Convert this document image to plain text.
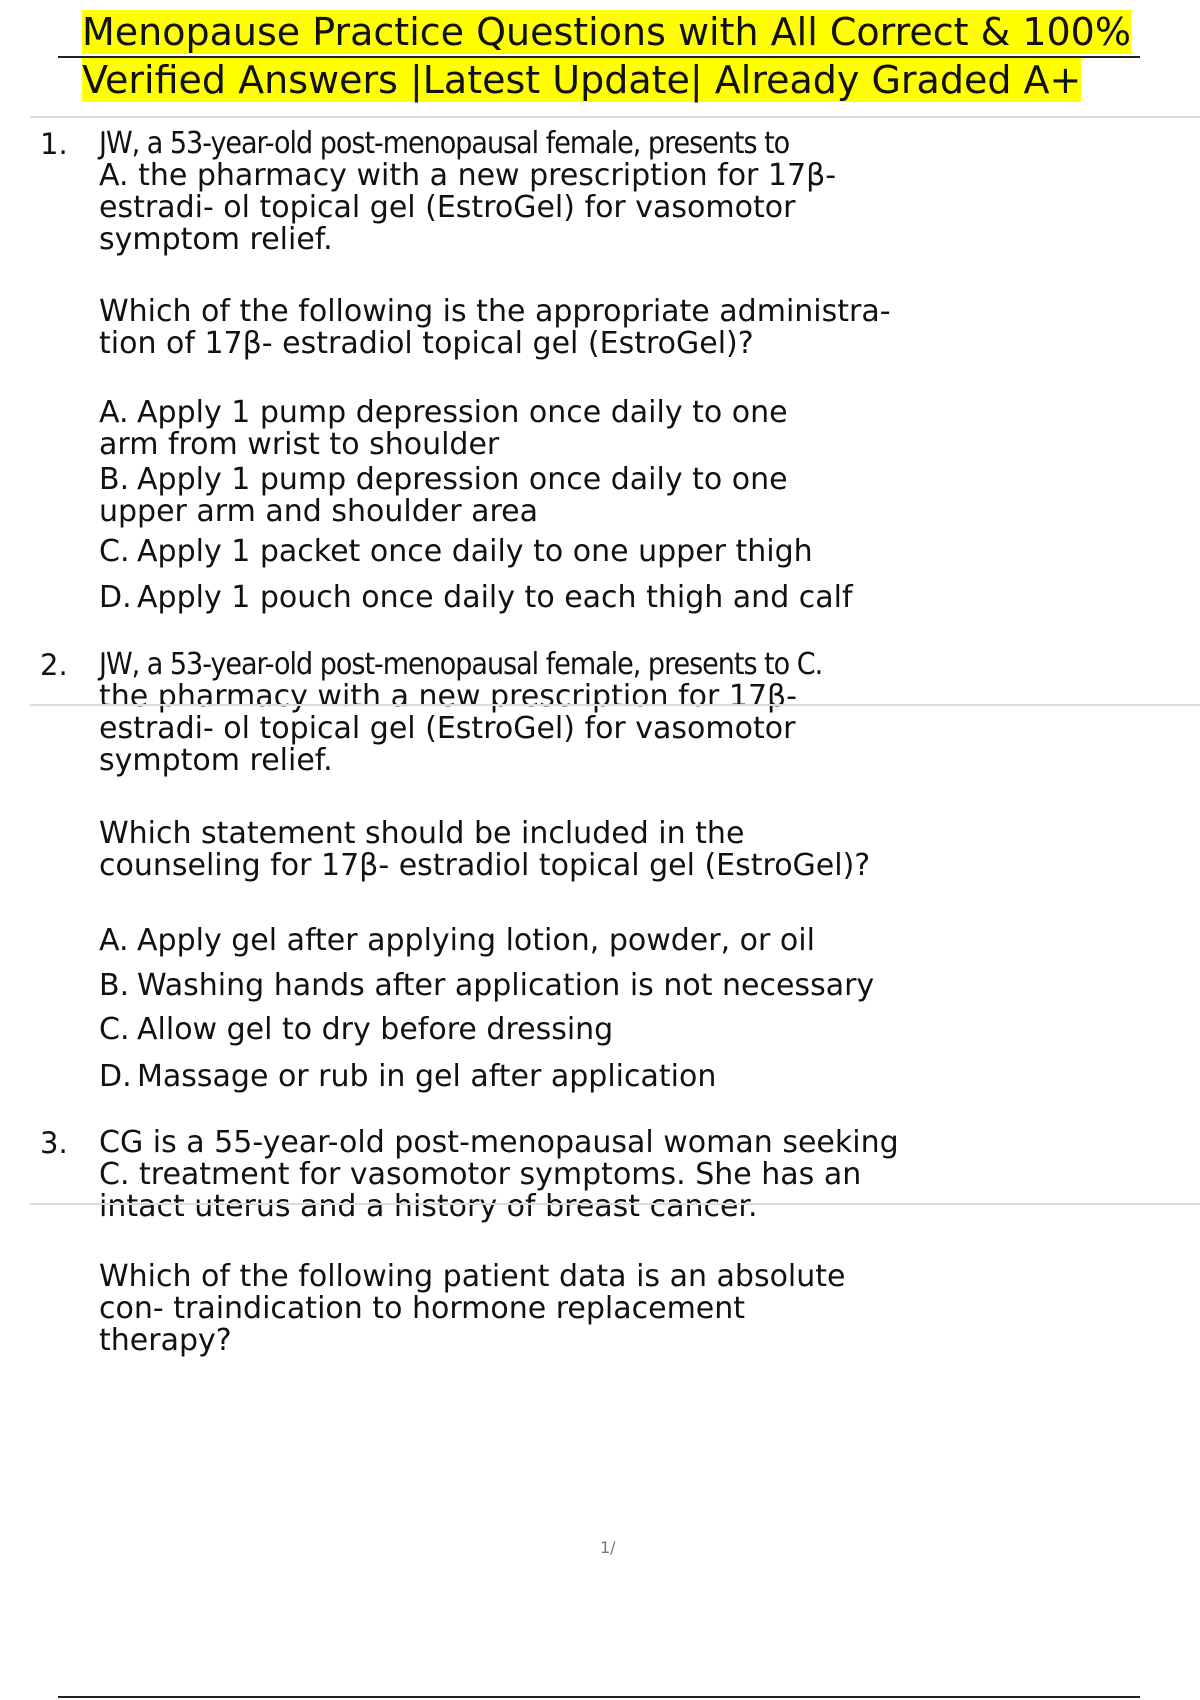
Menopause Practice Questions with All Correct & 100%
Verified Answers |Latest Update| Already Graded A+
1. JW, a 53-year-old post-menopausal female, presents to
A. the pharmacy with a new prescription for 17β-
estradi- ol topical gel (EstroGel) for vasomotor
symptom relief.
Which of the following is the appropriate administra-
tion of 17β- estradiol topical gel (EstroGel)?
A. Apply 1 pump depression once daily to one
arm from wrist to shoulder
B. Apply 1 pump depression once daily to one
upper arm and shoulder area
C. Apply 1 packet once daily to one upper thigh
D. Apply 1 pouch once daily to each thigh and calf
2. JW, a 53-year-old post-menopausal female, presents to C.
the pharmacy with a new prescription for 17β-
estradi- ol topical gel (EstroGel) for vasomotor
symptom relief.
Which statement should be included in the
counseling for 17β- estradiol topical gel (EstroGel)?
A. Apply gel after applying lotion, powder, or oil
B. Washing hands after application is not necessary
C. Allow gel to dry before dressing
D. Massage or rub in gel after application
3. CG is a 55-year-old post-menopausal woman seeking
C. treatment for vasomotor symptoms. She has an
intact uterus and a history of breast cancer.
Which of the following patient data is an absolute
con- traindication to hormone replacement
therapy?
1/
